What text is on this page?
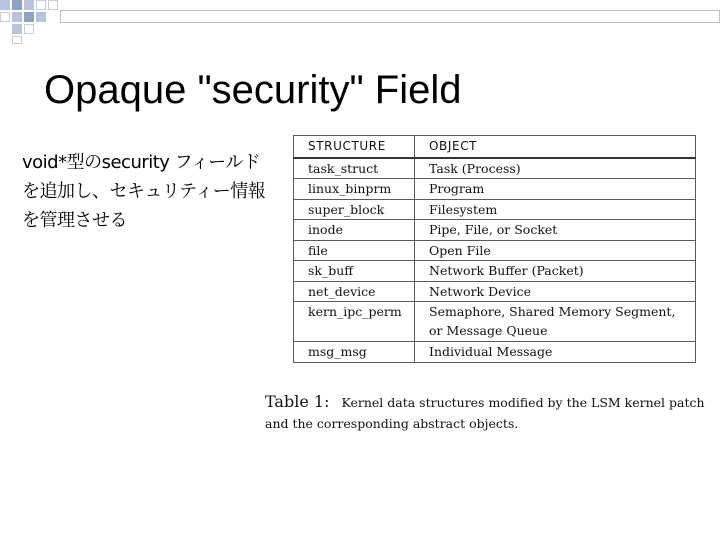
Opaque "security" Field
void*型のsecurity フィールドを追加し、セキュリティー情報を管理させる
STRUCTURE	OBJECT
task_struct	Task (Process)
linux_binprm	Program
super_block	Filesystem
inode	Pipe, File, or Socket
file	Open File
sk_buff	Network Buffer (Packet)
net_device	Network Device
kern_ipc_perm	Semaphore, Shared Memory Segment,
or Message Queue

msg_msg	Individual Message
Table 1: Kernel data structures modified by the LSM kernel patch
and the corresponding abstract objects.
